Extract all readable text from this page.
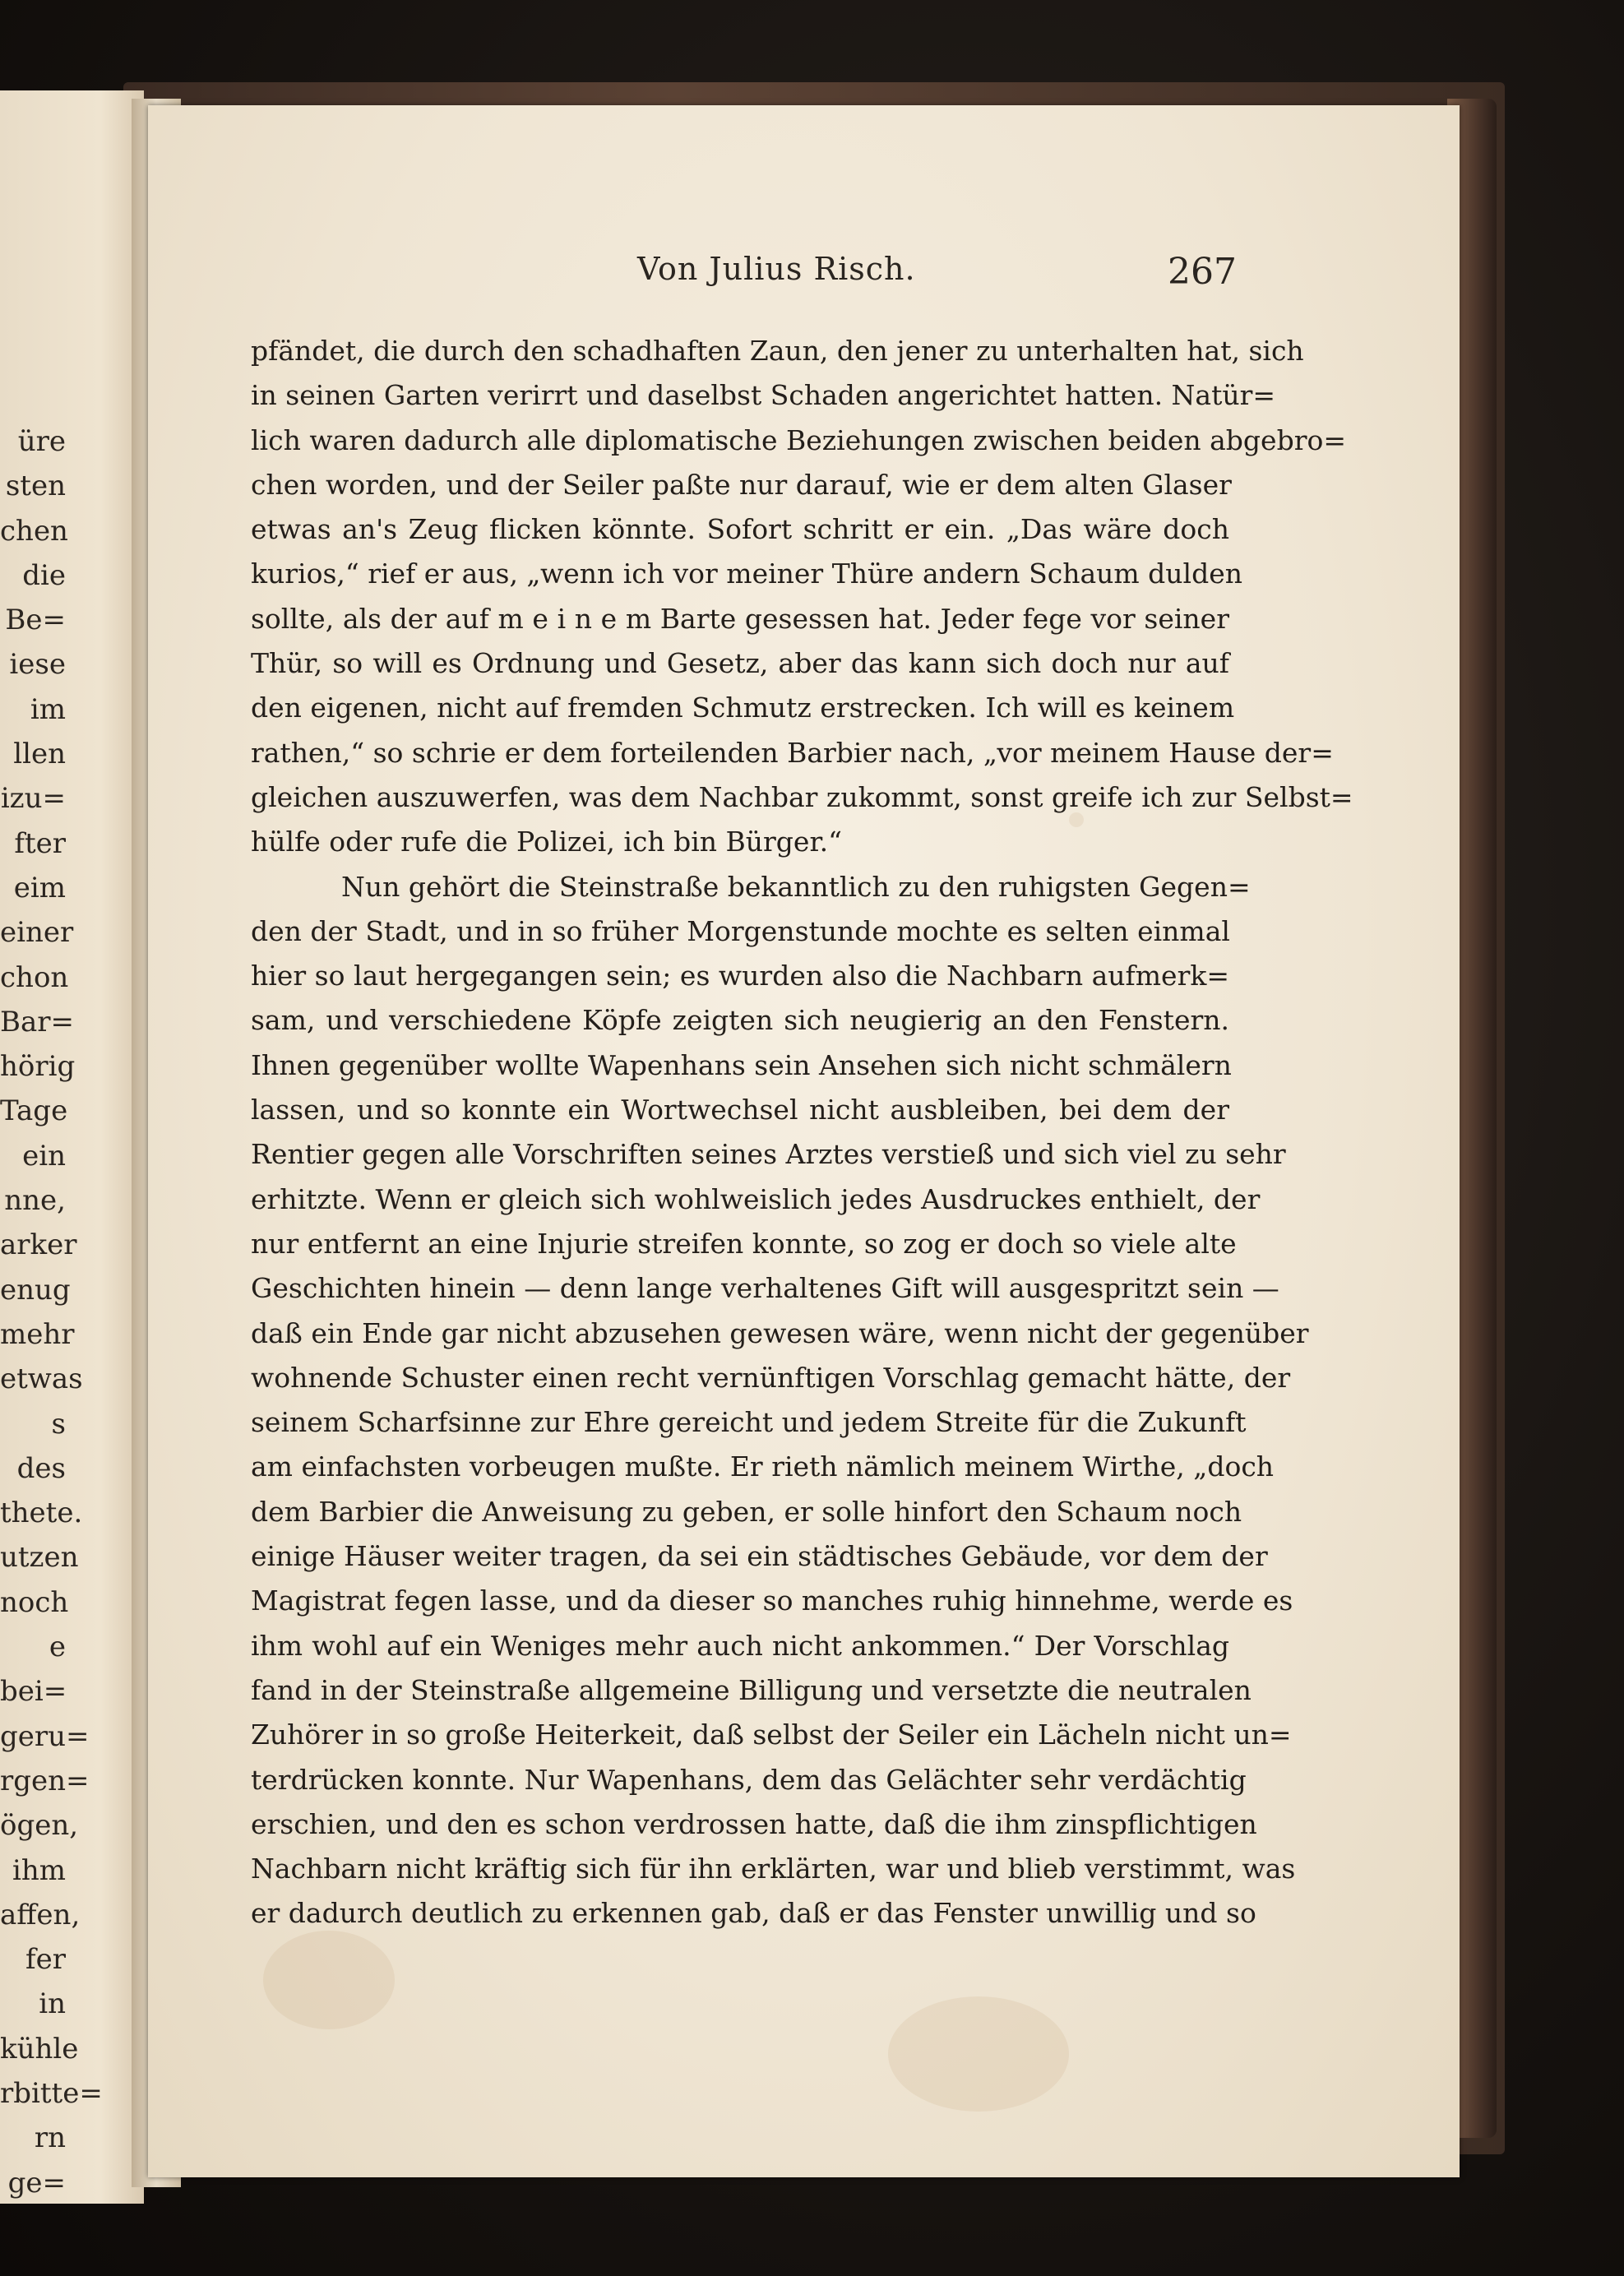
üre
sten
chen
die
Be=
iese
im
llen
izu=
fter
eim
einer
chon
Bar=
hörig
Tage
ein
nne,
arker
enug
mehr
etwas
s des
thete.
utzen
noch
e bei=
geru=
rgen=
ögen,
ihm
affen,
fer in
kühle
rbitte=
rn ge=
Von Julius Risch.	267
pfändet, die durch den schadhaften Zaun, den jener zu unterhalten hat, sich
in seinen Garten verirrt und daselbst Schaden angerichtet hatten. Natür=
lich waren dadurch alle diplomatische Beziehungen zwischen beiden abgebro=
chen worden, und der Seiler paßte nur darauf, wie er dem alten Glaser
etwas an's Zeug flicken könnte. Sofort schritt er ein. „Das wäre doch
kurios,“ rief er aus, „wenn ich vor meiner Thüre andern Schaum dulden
sollte, als der auf m e i n e m Barte gesessen hat. Jeder fege vor seiner
Thür, so will es Ordnung und Gesetz, aber das kann sich doch nur auf
den eigenen, nicht auf fremden Schmutz erstrecken. Ich will es keinem
rathen,“ so schrie er dem forteilenden Barbier nach, „vor meinem Hause der=
gleichen auszuwerfen, was dem Nachbar zukommt, sonst greife ich zur Selbst=
hülfe oder rufe die Polizei, ich bin Bürger.“
Nun gehört die Steinstraße bekanntlich zu den ruhigsten Gegen=
den der Stadt, und in so früher Morgenstunde mochte es selten einmal
hier so laut hergegangen sein; es wurden also die Nachbarn aufmerk=
sam, und verschiedene Köpfe zeigten sich neugierig an den Fenstern.
Ihnen gegenüber wollte Wapenhans sein Ansehen sich nicht schmälern
lassen, und so konnte ein Wortwechsel nicht ausbleiben, bei dem der
Rentier gegen alle Vorschriften seines Arztes verstieß und sich viel zu sehr
erhitzte. Wenn er gleich sich wohlweislich jedes Ausdruckes enthielt, der
nur entfernt an eine Injurie streifen konnte, so zog er doch so viele alte
Geschichten hinein — denn lange verhaltenes Gift will ausgespritzt sein —
daß ein Ende gar nicht abzusehen gewesen wäre, wenn nicht der gegenüber
wohnende Schuster einen recht vernünftigen Vorschlag gemacht hätte, der
seinem Scharfsinne zur Ehre gereicht und jedem Streite für die Zukunft
am einfachsten vorbeugen mußte. Er rieth nämlich meinem Wirthe, „doch
dem Barbier die Anweisung zu geben, er solle hinfort den Schaum noch
einige Häuser weiter tragen, da sei ein städtisches Gebäude, vor dem der
Magistrat fegen lasse, und da dieser so manches ruhig hinnehme, werde es
ihm wohl auf ein Weniges mehr auch nicht ankommen.“ Der Vorschlag
fand in der Steinstraße allgemeine Billigung und versetzte die neutralen
Zuhörer in so große Heiterkeit, daß selbst der Seiler ein Lächeln nicht un=
terdrücken konnte. Nur Wapenhans, dem das Gelächter sehr verdächtig
erschien, und den es schon verdrossen hatte, daß die ihm zinspflichtigen
Nachbarn nicht kräftig sich für ihn erklärten, war und blieb verstimmt, was
er dadurch deutlich zu erkennen gab, daß er das Fenster unwillig und so
